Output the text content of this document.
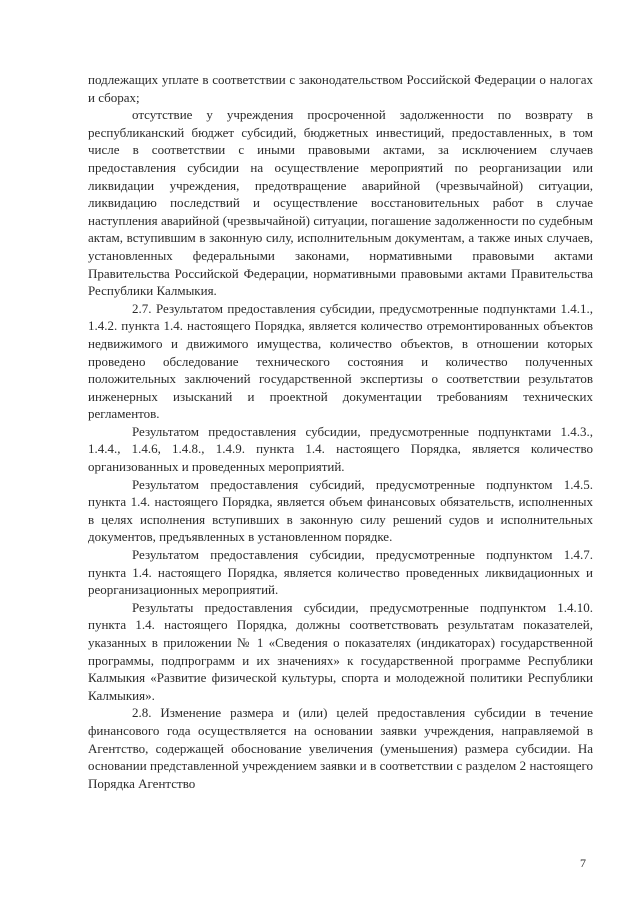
подлежащих уплате в соответствии с законодательством Российской Федерации о налогах и сборах;

отсутствие у учреждения просроченной задолженности по возврату в республиканский бюджет субсидий, бюджетных инвестиций, предоставленных, в том числе в соответствии с иными правовыми актами, за исключением случаев предоставления субсидии на осуществление мероприятий по реорганизации или ликвидации учреждения, предотвращение аварийной (чрезвычайной) ситуации, ликвидацию последствий и осуществление восстановительных работ в случае наступления аварийной (чрезвычайной) ситуации, погашение задолженности по судебным актам, вступившим в законную силу, исполнительным документам, а также иных случаев, установленных федеральными законами, нормативными правовыми актами Правительства Российской Федерации, нормативными правовыми актами Правительства Республики Калмыкия.

2.7. Результатом предоставления субсидии, предусмотренные подпунктами 1.4.1., 1.4.2. пункта 1.4. настоящего Порядка, является количество отремонтированных объектов недвижимого и движимого имущества, количество объектов, в отношении которых проведено обследование технического состояния и количество полученных положительных заключений государственной экспертизы о соответствии результатов инженерных изысканий и проектной документации требованиям технических регламентов.

Результатом предоставления субсидии, предусмотренные подпунктами 1.4.3., 1.4.4., 1.4.6, 1.4.8., 1.4.9. пункта 1.4. настоящего Порядка, является количество организованных и проведенных мероприятий.

Результатом предоставления субсидий, предусмотренные подпунктом 1.4.5. пункта 1.4. настоящего Порядка, является объем финансовых обязательств, исполненных в целях исполнения вступивших в законную силу решений судов и исполнительных документов, предъявленных в установленном порядке.

Результатом предоставления субсидии, предусмотренные подпунктом 1.4.7. пункта 1.4. настоящего Порядка, является количество проведенных ликвидационных и реорганизационных мероприятий.

Результаты предоставления субсидии, предусмотренные подпунктом 1.4.10. пункта 1.4. настоящего Порядка, должны соответствовать результатам показателей, указанных в приложении № 1 «Сведения о показателях (индикаторах) государственной программы, подпрограмм и их значениях» к государственной программе Республики Калмыкия «Развитие физической культуры, спорта и молодежной политики Республики Калмыкия».

2.8. Изменение размера и (или) целей предоставления субсидии в течение финансового года осуществляется на основании заявки учреждения, направляемой в Агентство, содержащей обоснование увеличения (уменьшения) размера субсидии. На основании представленной учреждением заявки и в соответствии с разделом 2 настоящего Порядка Агентство

7
